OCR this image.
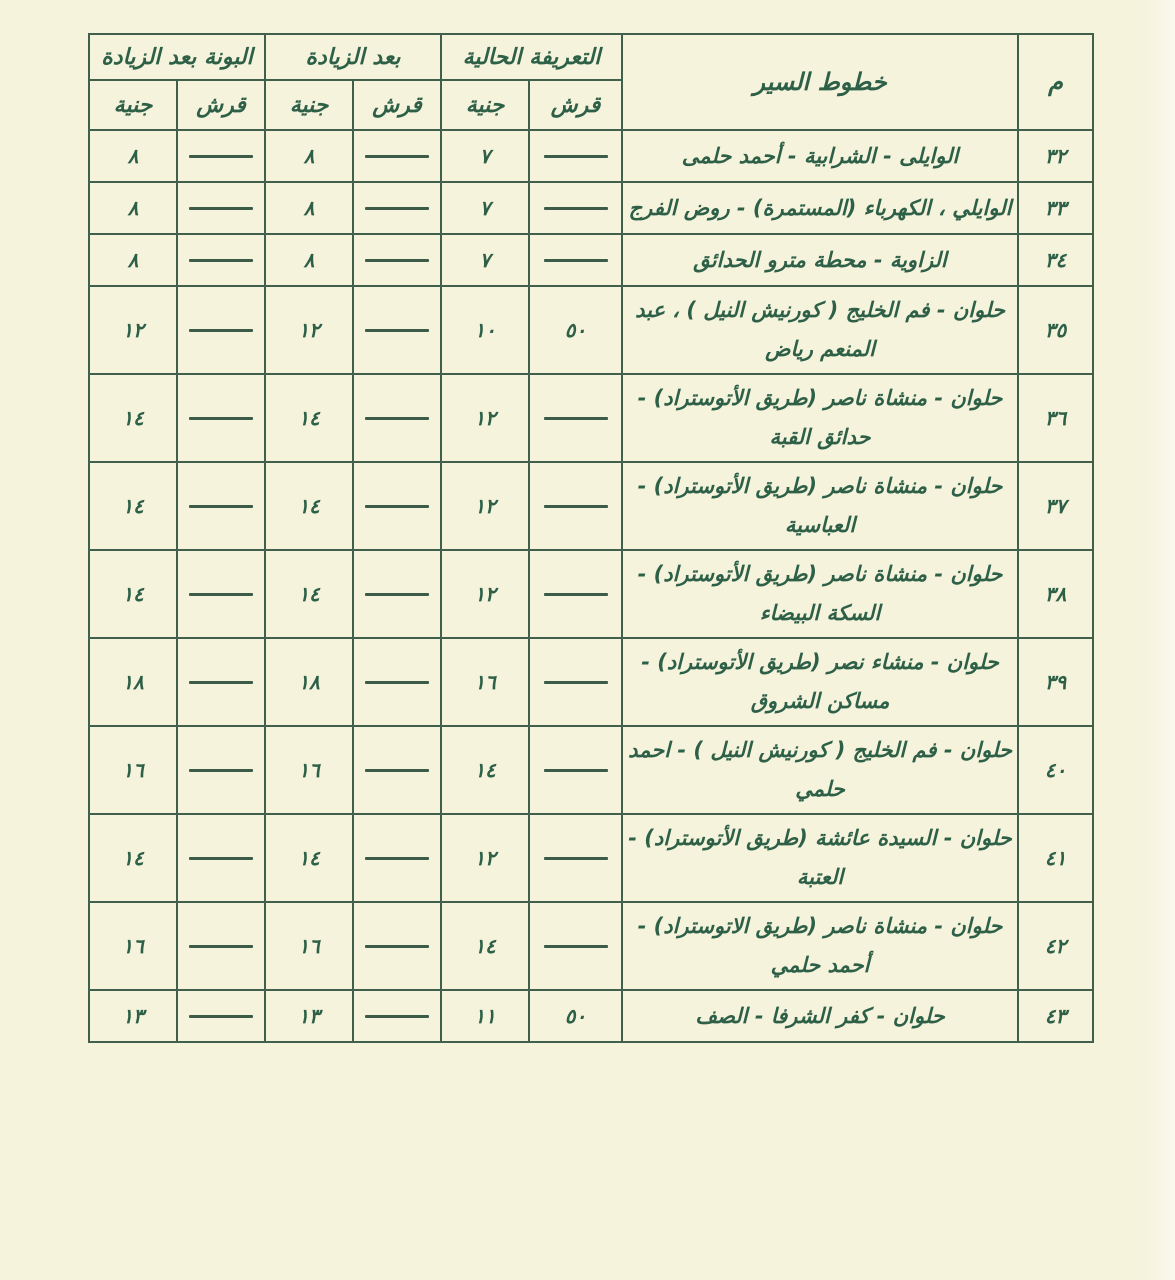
م	خطوط السير	التعريفة الحالية		بعد الزيادة		البونة بعد الزيادة	
		قرش	جنية	قرش	جنية	قرش	جنية
٣٢	الوايلى - الشرابية - أحمد حلمى		٧		٨		٨
٣٣	الوايلي ، الكهرباء (المستمرة) - روض الفرج		٧		٨		٨
٣٤	الزاوية - محطة مترو الحدائق		٧		٨		٨
٣٥	حلوان - فم الخليج ( كورنيش النيل ) ، عبد المنعم رياض	٥٠	١٠		١٢		١٢
٣٦	حلوان - منشاة ناصر (طريق الأتوستراد) - حدائق القبة		١٢		١٤		١٤
٣٧	حلوان - منشاة ناصر (طريق الأتوستراد) - العباسية		١٢		١٤		١٤
٣٨	حلوان - منشاة ناصر (طريق الأتوستراد) - السكة البيضاء		١٢		١٤		١٤
٣٩	حلوان - منشاء نصر (طريق الأتوستراد) - مساكن الشروق		١٦		١٨		١٨
٤٠	حلوان - فم الخليج ( كورنيش النيل ) - احمد حلمي		١٤		١٦		١٦
٤١	حلوان - السيدة عائشة (طريق الأتوستراد) - العتبة		١٢		١٤		١٤
٤٢	حلوان - منشاة ناصر (طريق الاتوستراد) - أحمد حلمي		١٤		١٦		١٦
٤٣	حلوان - كفر الشرفا - الصف	٥٠	١١		١٣		١٣
